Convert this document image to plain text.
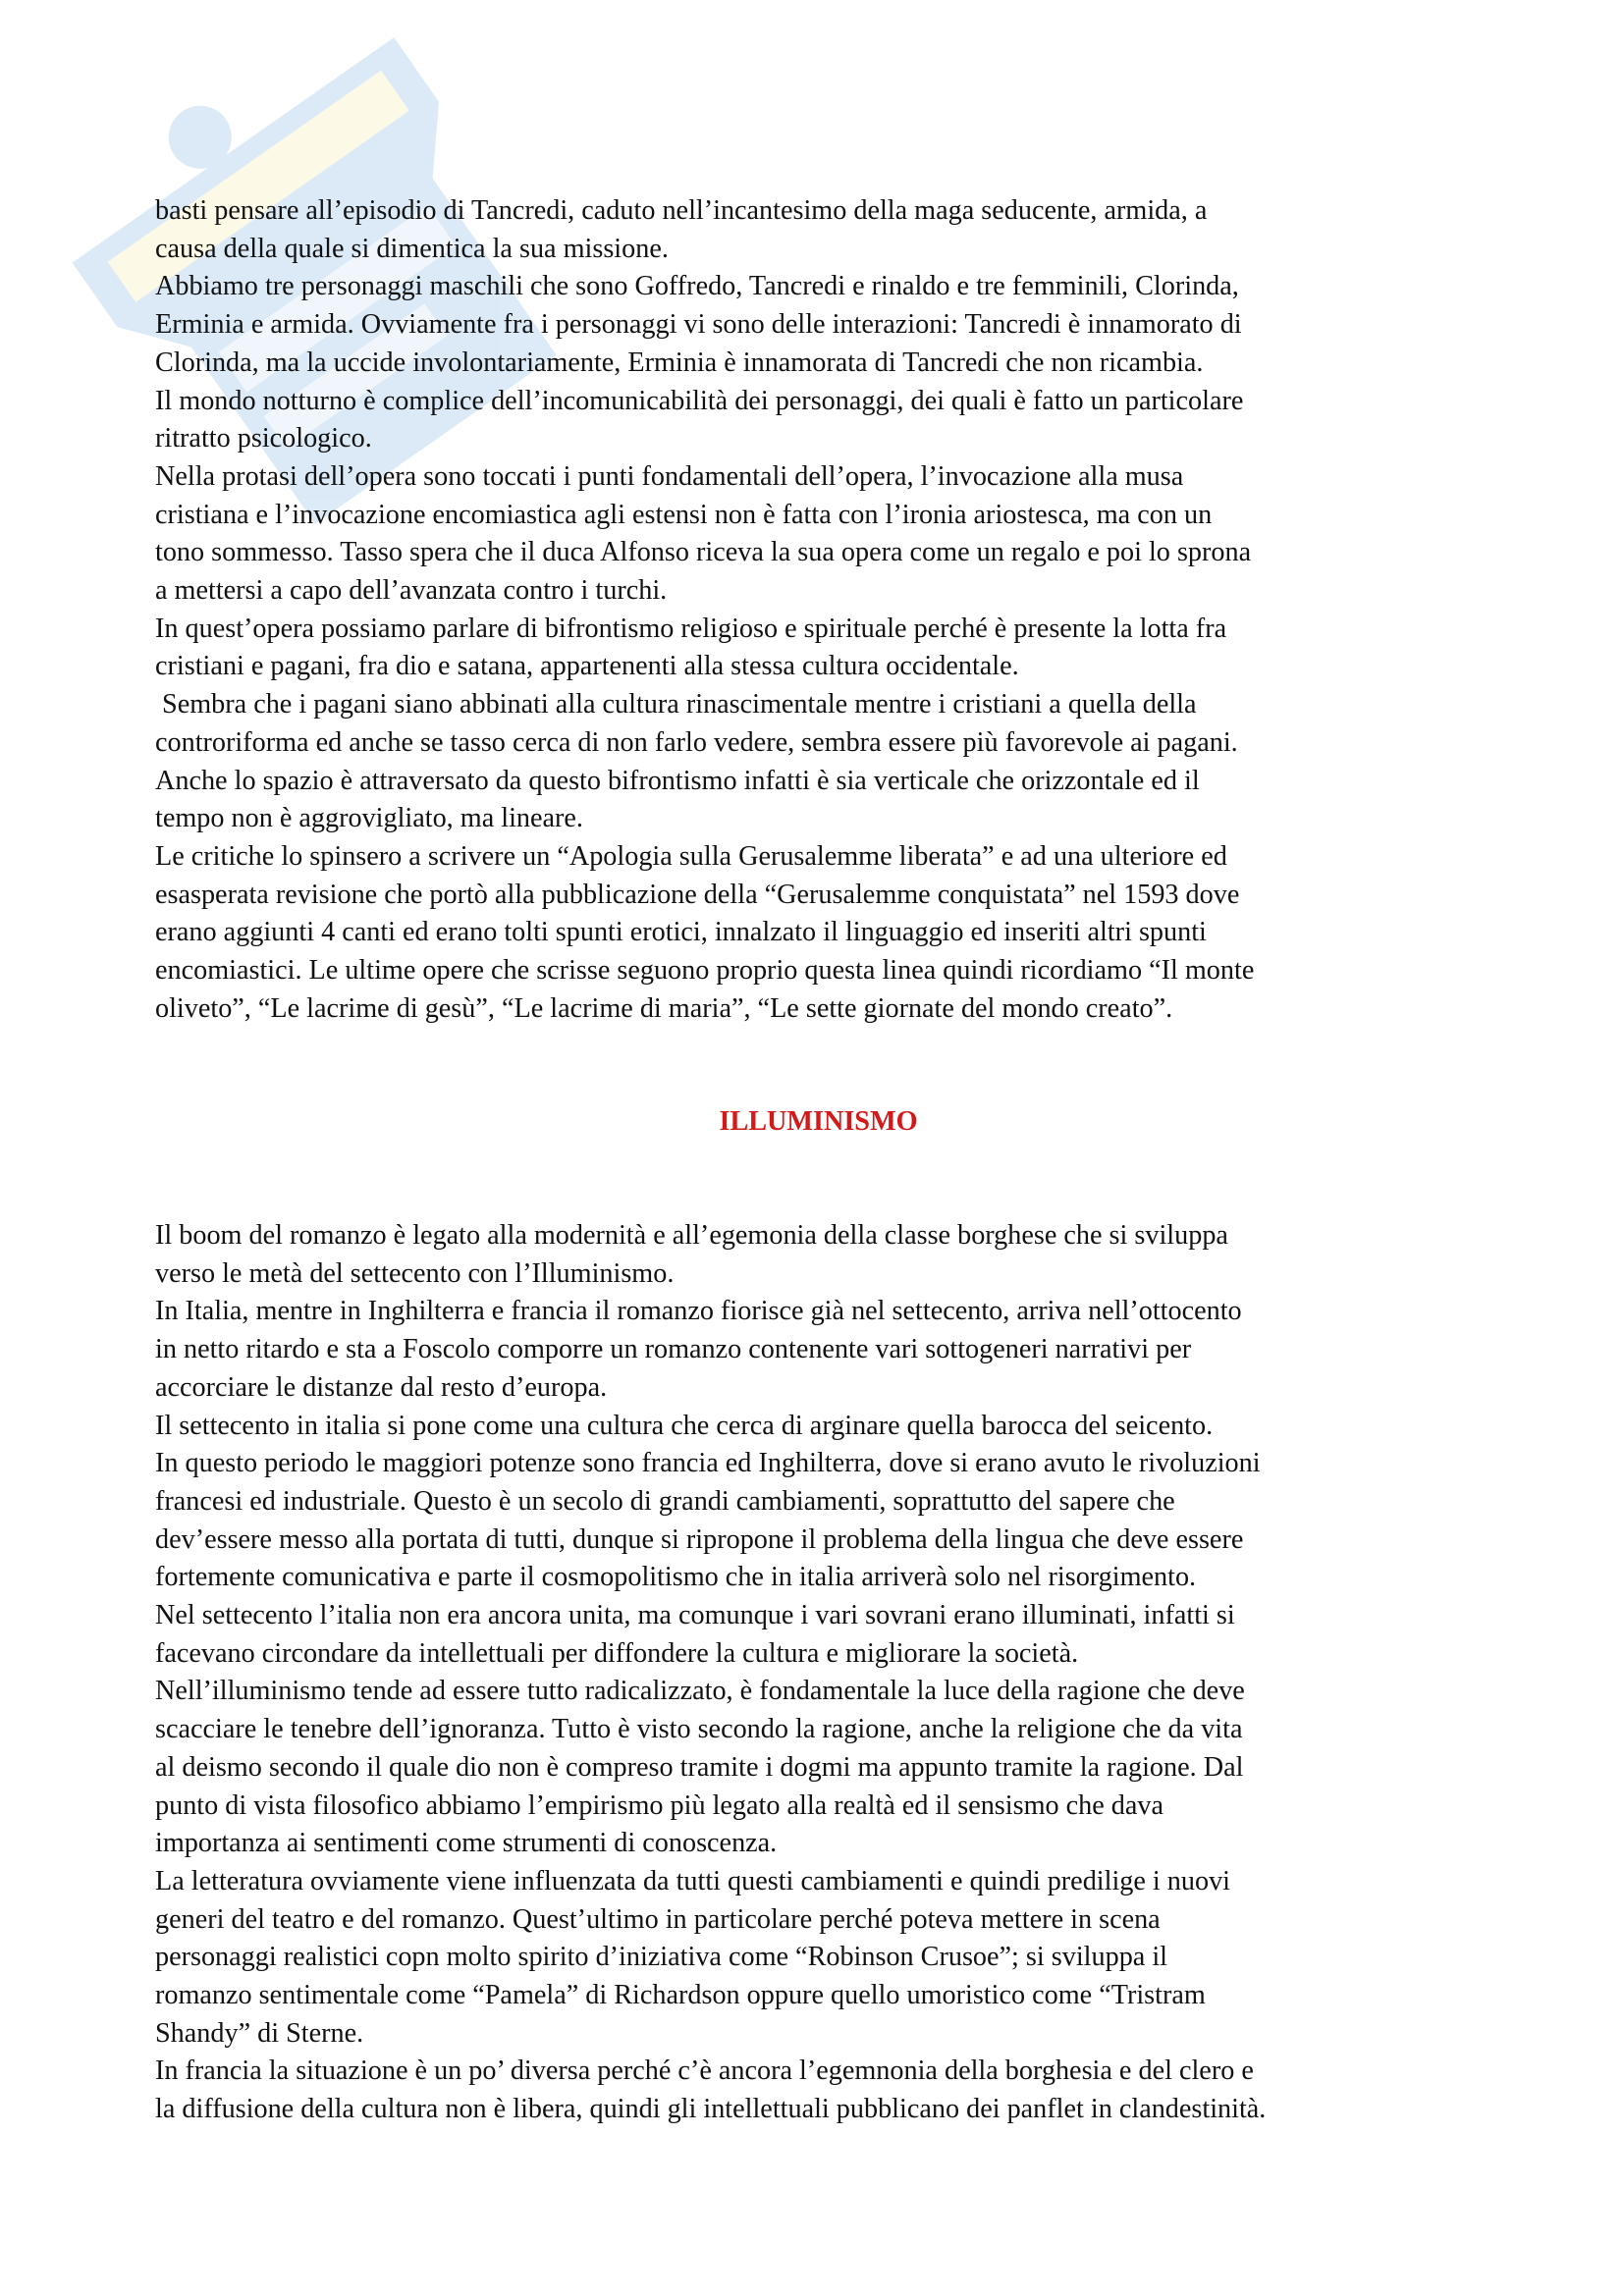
basti pensare all’episodio di Tancredi, caduto nell’incantesimo della maga seducente, armida, a
causa della quale si dimentica la sua missione.

Abbiamo tre personaggi maschili che sono Goffredo, Tancredi e rinaldo e tre femminili, Clorinda,
Erminia e armida. Ovviamente fra i personaggi vi sono delle interazioni: Tancredi è innamorato di
Clorinda, ma la uccide involontariamente, Erminia è innamorata di Tancredi che non ricambia.

Il mondo notturno è complice dell’incomunicabilità dei personaggi, dei quali è fatto un particolare
ritratto psicologico.

Nella protasi dell’opera sono toccati i punti fondamentali dell’opera, l’invocazione alla musa
cristiana e l’invocazione encomiastica agli estensi non è fatta con l’ironia ariostesca, ma con un
tono sommesso. Tasso spera che il duca Alfonso riceva la sua opera come un regalo e poi lo sprona
a mettersi a capo dell’avanzata contro i turchi.

In quest’opera possiamo parlare di bifrontismo religioso e spirituale perché è presente la lotta fra
cristiani e pagani, fra dio e satana, appartenenti alla stessa cultura occidentale.

Sembra che i pagani siano abbinati alla cultura rinascimentale mentre i cristiani a quella della
controriforma ed anche se tasso cerca di non farlo vedere, sembra essere più favorevole ai pagani.

Anche lo spazio è attraversato da questo bifrontismo infatti è sia verticale che orizzontale ed il
tempo non è aggrovigliato, ma lineare.

Le critiche lo spinsero a scrivere un “Apologia sulla Gerusalemme liberata” e ad una ulteriore ed
esasperata revisione che portò alla pubblicazione della “Gerusalemme conquistata” nel 1593 dove
erano aggiunti 4 canti ed erano tolti spunti erotici, innalzato il linguaggio ed inseriti altri spunti
encomiastici. Le ultime opere che scrisse seguono proprio questa linea quindi ricordiamo “Il monte
oliveto”, “Le lacrime di gesù”, “Le lacrime di maria”, “Le sette giornate del mondo creato”.

ILLUMINISMO

Il boom del romanzo è legato alla modernità e all’egemonia della classe borghese che si sviluppa
verso le metà del settecento con l’Illuminismo.

In Italia, mentre in Inghilterra e francia il romanzo fiorisce già nel settecento, arriva nell’ottocento
in netto ritardo e sta a Foscolo comporre un romanzo contenente vari sottogeneri narrativi per
accorciare le distanze dal resto d’europa.

Il settecento in italia si pone come una cultura che cerca di arginare quella barocca del seicento.

In questo periodo le maggiori potenze sono francia ed Inghilterra, dove si erano avuto le rivoluzioni
francesi ed industriale. Questo è un secolo di grandi cambiamenti, soprattutto del sapere che
dev’essere messo alla portata di tutti, dunque si ripropone il problema della lingua che deve essere
fortemente comunicativa e parte il cosmopolitismo che in italia arriverà solo nel risorgimento.

Nel settecento l’italia non era ancora unita, ma comunque i vari sovrani erano illuminati, infatti si
facevano circondare da intellettuali per diffondere la cultura e migliorare la società.

Nell’illuminismo tende ad essere tutto radicalizzato, è fondamentale la luce della ragione che deve
scacciare le tenebre dell’ignoranza. Tutto è visto secondo la ragione, anche la religione che da vita
al deismo secondo il quale dio non è compreso tramite i dogmi ma appunto tramite la ragione. Dal
punto di vista filosofico abbiamo l’empirismo più legato alla realtà ed il sensismo che dava
importanza ai sentimenti come strumenti di conoscenza.

La letteratura ovviamente viene influenzata da tutti questi cambiamenti e quindi predilige i nuovi
generi del teatro e del romanzo. Quest’ultimo in particolare perché poteva mettere in scena
personaggi realistici copn molto spirito d’iniziativa come “Robinson Crusoe”; si sviluppa il
romanzo sentimentale come “Pamela” di Richardson oppure quello umoristico come “Tristram
Shandy” di Sterne.

In francia la situazione è un po’ diversa perché c’è ancora l’egemnonia della borghesia e del clero e
la diffusione della cultura non è libera, quindi gli intellettuali pubblicano dei panflet in clandestinità.
